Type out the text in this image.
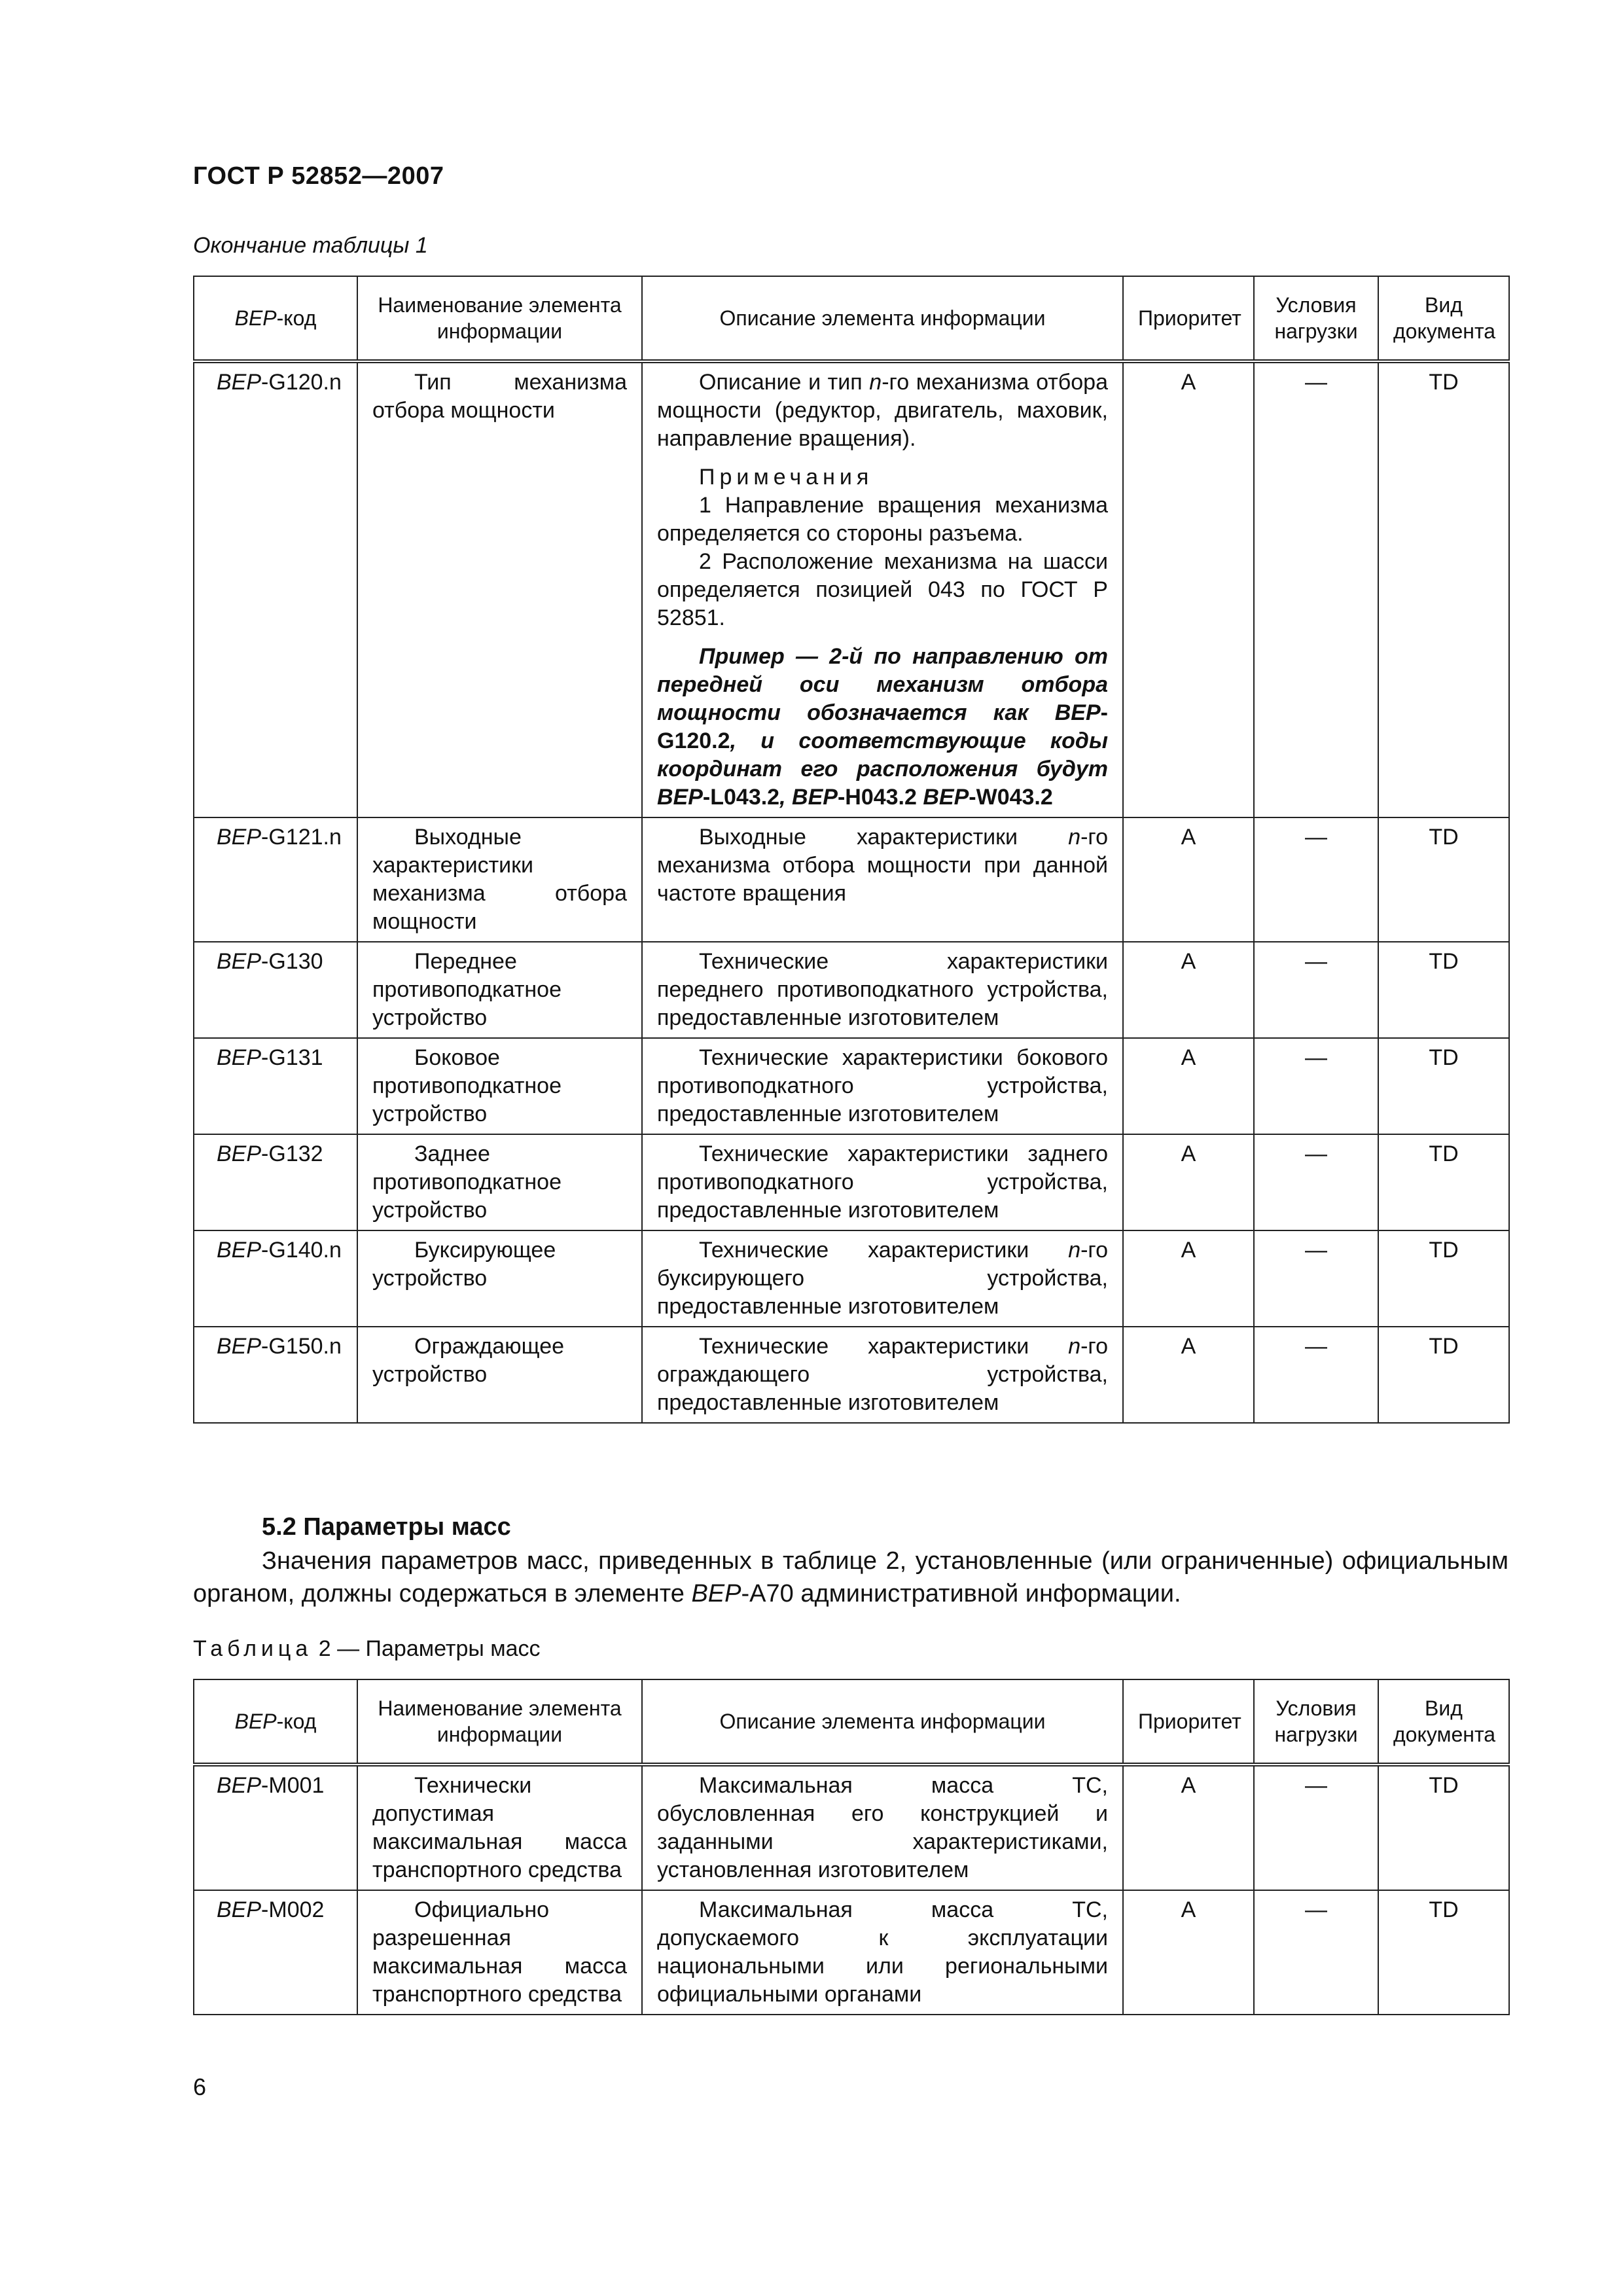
ГОСТ Р 52852—2007
Окончание таблицы 1
ВЕР-код	Наименование элемента информации	Описание элемента информации	Приоритет	Условия нагрузки	Вид документа
ВЕР-G120.n	Тип механизма отбора мощности	Описание и тип n-го механизма отбора мощности (редуктор, двигатель, маховик, направление вращения).

Примечания

1 Направление вращения механизма определяется со стороны разъема.

2 Расположение механизма на шасси определяется позицией 043 по ГОСТ Р 52851.

Пример — 2-й по направлению от передней оси механизм отбора мощности обозначается как ВЕР-G120.2, и соответствующие коды координат его расположения будут ВЕР-L043.2, ВЕР-H043.2 ВЕР-W043.2	A	—	TD
ВЕР-G121.n	Выходные характеристики механизма отбора мощности	Выходные характеристики n-го механизма отбора мощности при данной частоте вращения	A	—	TD
ВЕР-G130	Переднее противоподкатное устройство	Технические характеристики переднего противоподкатного устройства, предоставленные изготовителем	A	—	TD
ВЕР-G131	Боковое противоподкатное устройство	Технические характеристики бокового противоподкатного устройства, предоставленные изготовителем	A	—	TD
ВЕР-G132	Заднее противоподкатное устройство	Технические характеристики заднего противоподкатного устройства, предоставленные изготовителем	A	—	TD
ВЕР-G140.n	Буксирующее устройство	Технические характеристики n-го буксирующего устройства, предоставленные изготовителем	A	—	TD
ВЕР-G150.n	Ограждающее устройство	Технические характеристики n-го ограждающего устройства, предоставленные изготовителем	A	—	TD
5.2 Параметры масс
Значения параметров масс, приведенных в таблице 2, установленные (или ограниченные) официальным органом, должны содержаться в элементе ВЕР-А70 административной информации.
Таблица 2 — Параметры масс
ВЕР-код	Наименование элемента информации	Описание элемента информации	Приоритет	Условия нагрузки	Вид документа
ВЕР-M001	Технически допустимая максимальная масса транспортного средства	Максимальная масса ТС, обусловленная его конструкцией и заданными характеристиками, установленная изготовителем	A	—	TD
ВЕР-M002	Официально разрешенная максимальная масса транспортного средства	Максимальная масса ТС, допускаемого к эксплуатации национальными или региональными официальными органами	A	—	TD
6
